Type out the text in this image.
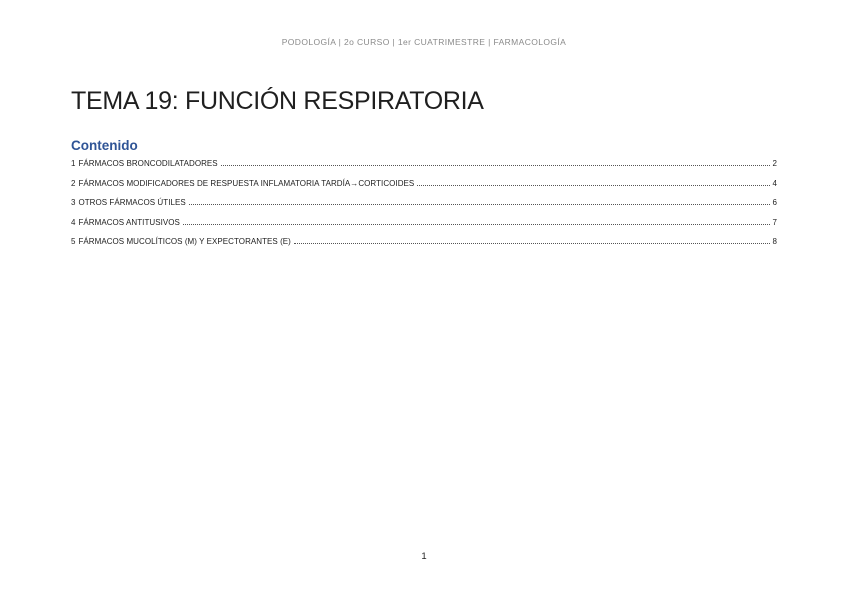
PODOLOGÍA | 2o CURSO | 1er CUATRIMESTRE | FARMACOLOGÍA
TEMA 19: FUNCIÓN RESPIRATORIA
Contenido
1 FÁRMACOS BRONCODILATADORES	2
2 FÁRMACOS MODIFICADORES DE RESPUESTA INFLAMATORIA TARDÍA→CORTICOIDES	4
3 OTROS FÁRMACOS ÚTILES	6
4 FÁRMACOS ANTITUSIVOS	7
5 FÁRMACOS MUCOLÍTICOS (M) Y EXPECTORANTES (E)	8
1
